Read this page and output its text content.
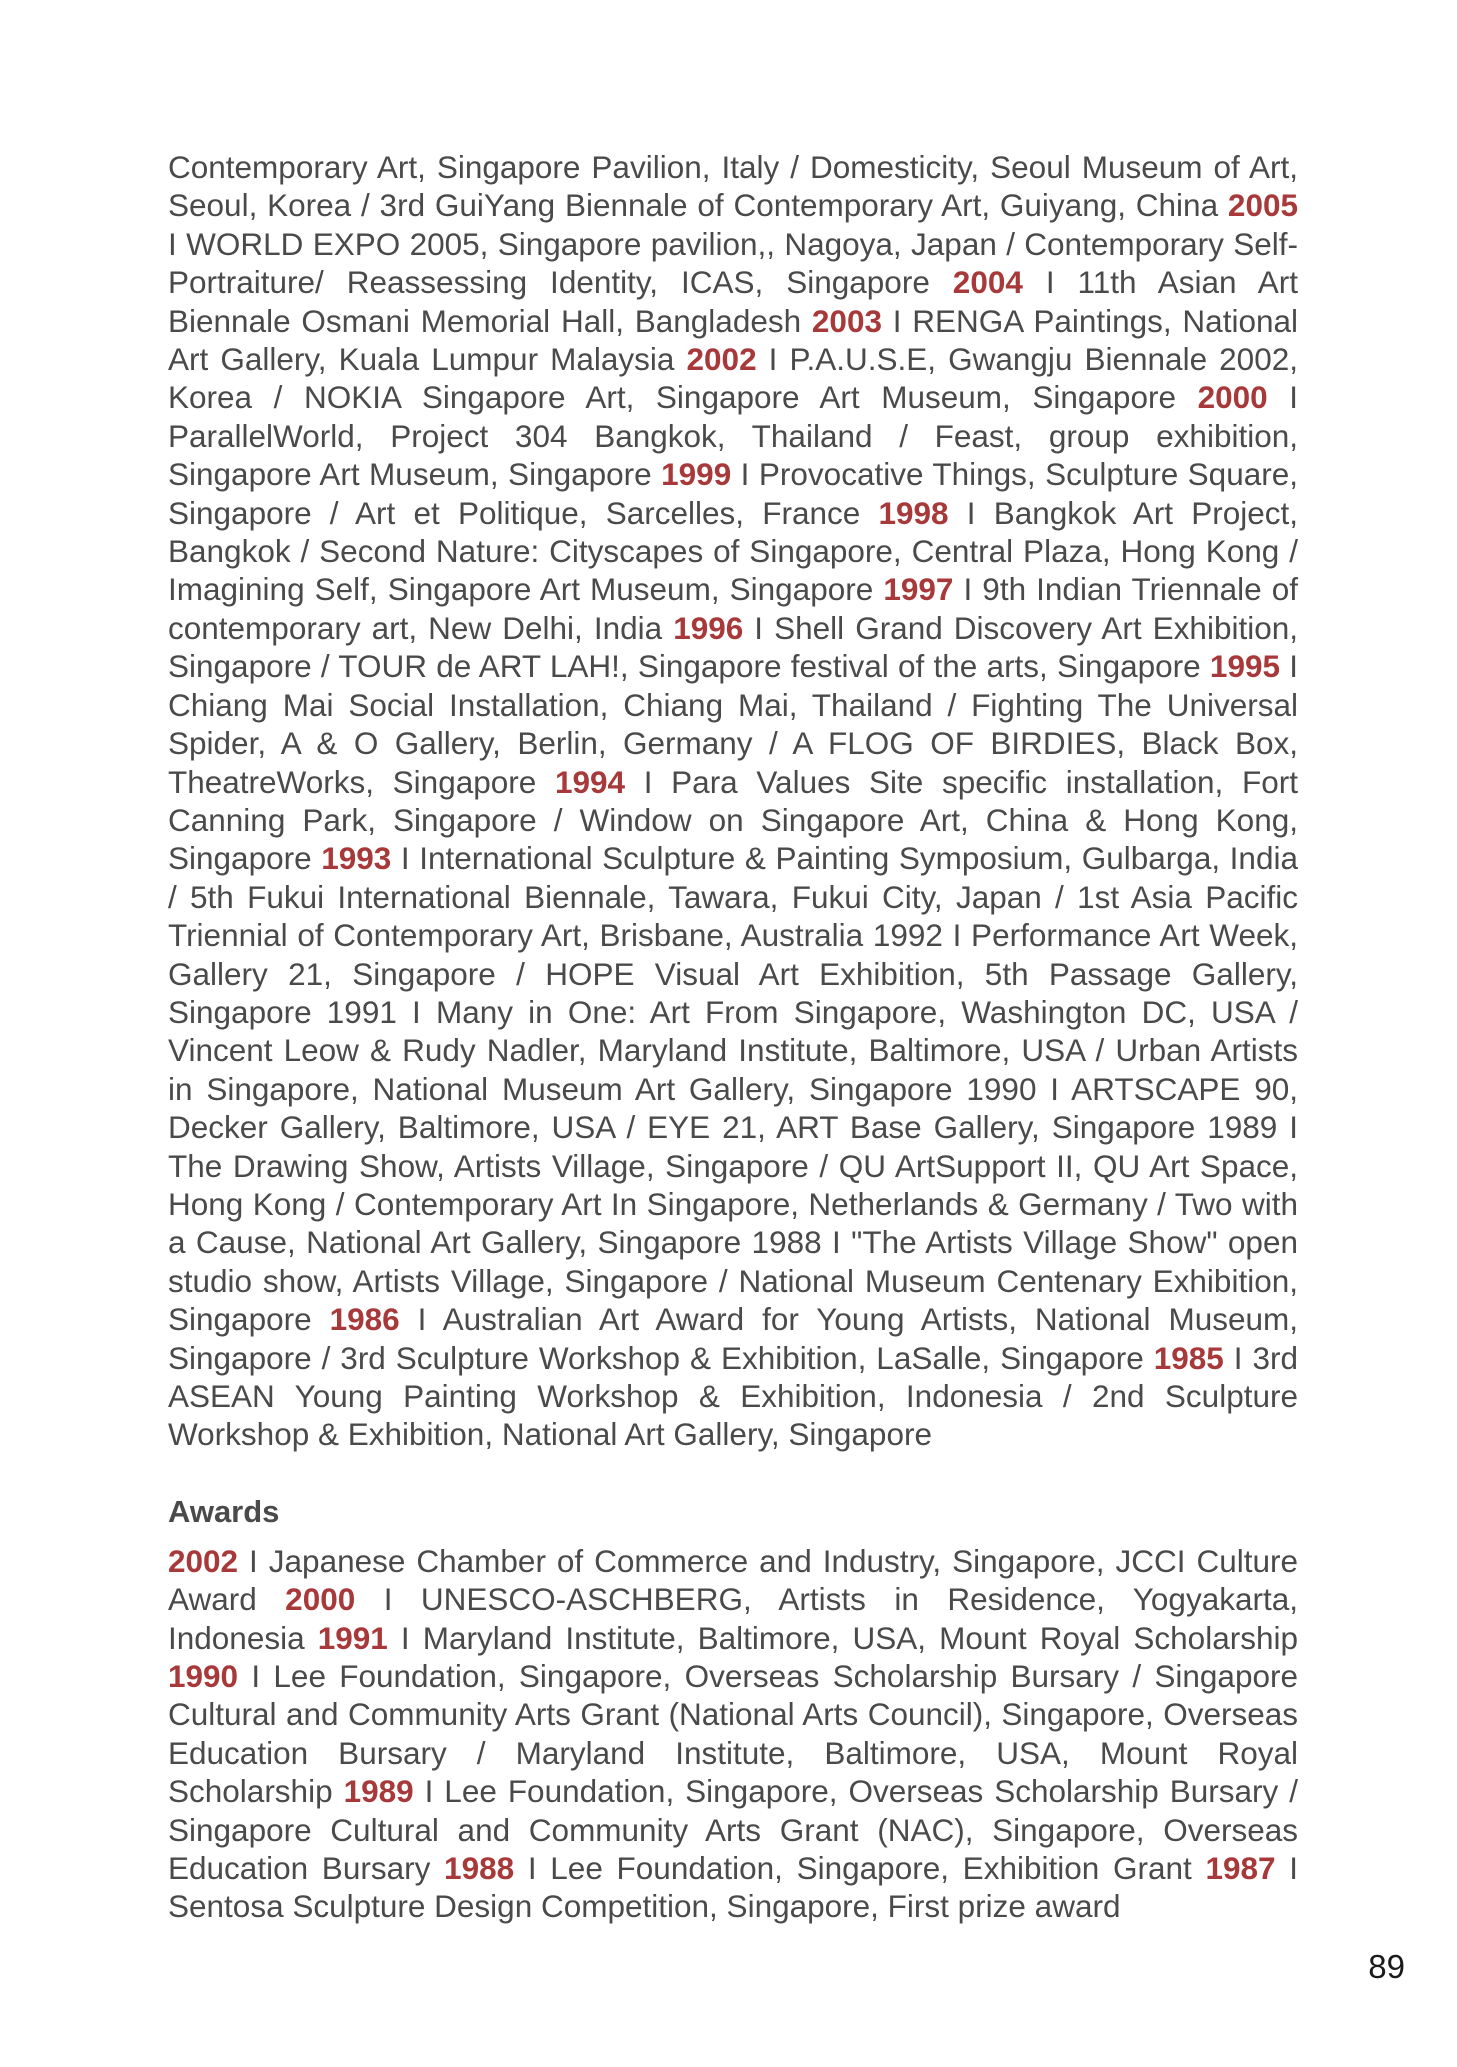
Contemporary Art, Singapore Pavilion, Italy / Domesticity, Seoul Museum of Art, Seoul, Korea / 3rd GuiYang Biennale of Contemporary Art, Guiyang, China 2005 I WORLD EXPO 2005, Singapore pavilion,, Nagoya, Japan / Contemporary Self-Portraiture/ Reassessing Identity, ICAS, Singapore 2004 I 11th Asian Art Biennale Osmani Memorial Hall, Bangladesh 2003 I RENGA Paintings, National Art Gallery, Kuala Lumpur Malaysia 2002 I P.A.U.S.E, Gwangju Biennale 2002, Korea / NOKIA Singapore Art, Singapore Art Museum, Singapore 2000 I ParallelWorld, Project 304 Bangkok, Thailand / Feast, group exhibition, Singapore Art Museum, Singapore 1999 I Provocative Things, Sculpture Square, Singapore / Art et Politique, Sarcelles, France 1998 I Bangkok Art Project, Bangkok / Second Nature: Cityscapes of Singapore, Central Plaza, Hong Kong / Imagining Self, Singapore Art Museum, Singapore 1997 I 9th Indian Triennale of contemporary art, New Delhi, India 1996 I Shell Grand Discovery Art Exhibition, Singapore / TOUR de ART LAH!, Singapore festival of the arts, Singapore 1995 I Chiang Mai Social Installation, Chiang Mai, Thailand / Fighting The Universal Spider, A & O Gallery, Berlin, Germany / A FLOG OF BIRDIES, Black Box, TheatreWorks, Singapore 1994 I Para Values Site specific installation, Fort Canning Park, Singapore / Window on Singapore Art, China & Hong Kong, Singapore 1993 I International Sculpture & Painting Symposium, Gulbarga, India / 5th Fukui International Biennale, Tawara, Fukui City, Japan / 1st Asia Pacific Triennial of Contemporary Art, Brisbane, Australia 1992 I Performance Art Week, Gallery 21, Singapore / HOPE Visual Art Exhibition, 5th Passage Gallery, Singapore 1991 I Many in One: Art From Singapore, Washington DC, USA / Vincent Leow & Rudy Nadler, Maryland Institute, Baltimore, USA / Urban Artists in Singapore, National Museum Art Gallery, Singapore 1990 I ARTSCAPE 90, Decker Gallery, Baltimore, USA / EYE 21, ART Base Gallery, Singapore 1989 I The Drawing Show, Artists Village, Singapore / QU ArtSupport II, QU Art Space, Hong Kong / Contemporary Art In Singapore, Netherlands & Germany / Two with a Cause, National Art Gallery, Singapore 1988 I "The Artists Village Show" open studio show, Artists Village, Singapore / National Museum Centenary Exhibition, Singapore 1986 I Australian Art Award for Young Artists, National Museum, Singapore / 3rd Sculpture Workshop & Exhibition, LaSalle, Singapore 1985 I 3rd ASEAN Young Painting Workshop & Exhibition, Indonesia / 2nd Sculpture Workshop & Exhibition, National Art Gallery, Singapore

Awards

2002 I Japanese Chamber of Commerce and Industry, Singapore, JCCI Culture Award 2000 I UNESCO-ASCHBERG, Artists in Residence, Yogyakarta, Indonesia 1991 I Maryland Institute, Baltimore, USA, Mount Royal Scholarship 1990 I Lee Foundation, Singapore, Overseas Scholarship Bursary / Singapore Cultural and Community Arts Grant (National Arts Council), Singapore, Overseas Education Bursary / Maryland Institute, Baltimore, USA, Mount Royal Scholarship 1989 I Lee Foundation, Singapore, Overseas Scholarship Bursary / Singapore Cultural and Community Arts Grant (NAC), Singapore, Overseas Education Bursary 1988 I Lee Foundation, Singapore, Exhibition Grant 1987 I Sentosa Sculpture Design Competition, Singapore, First prize award

89
